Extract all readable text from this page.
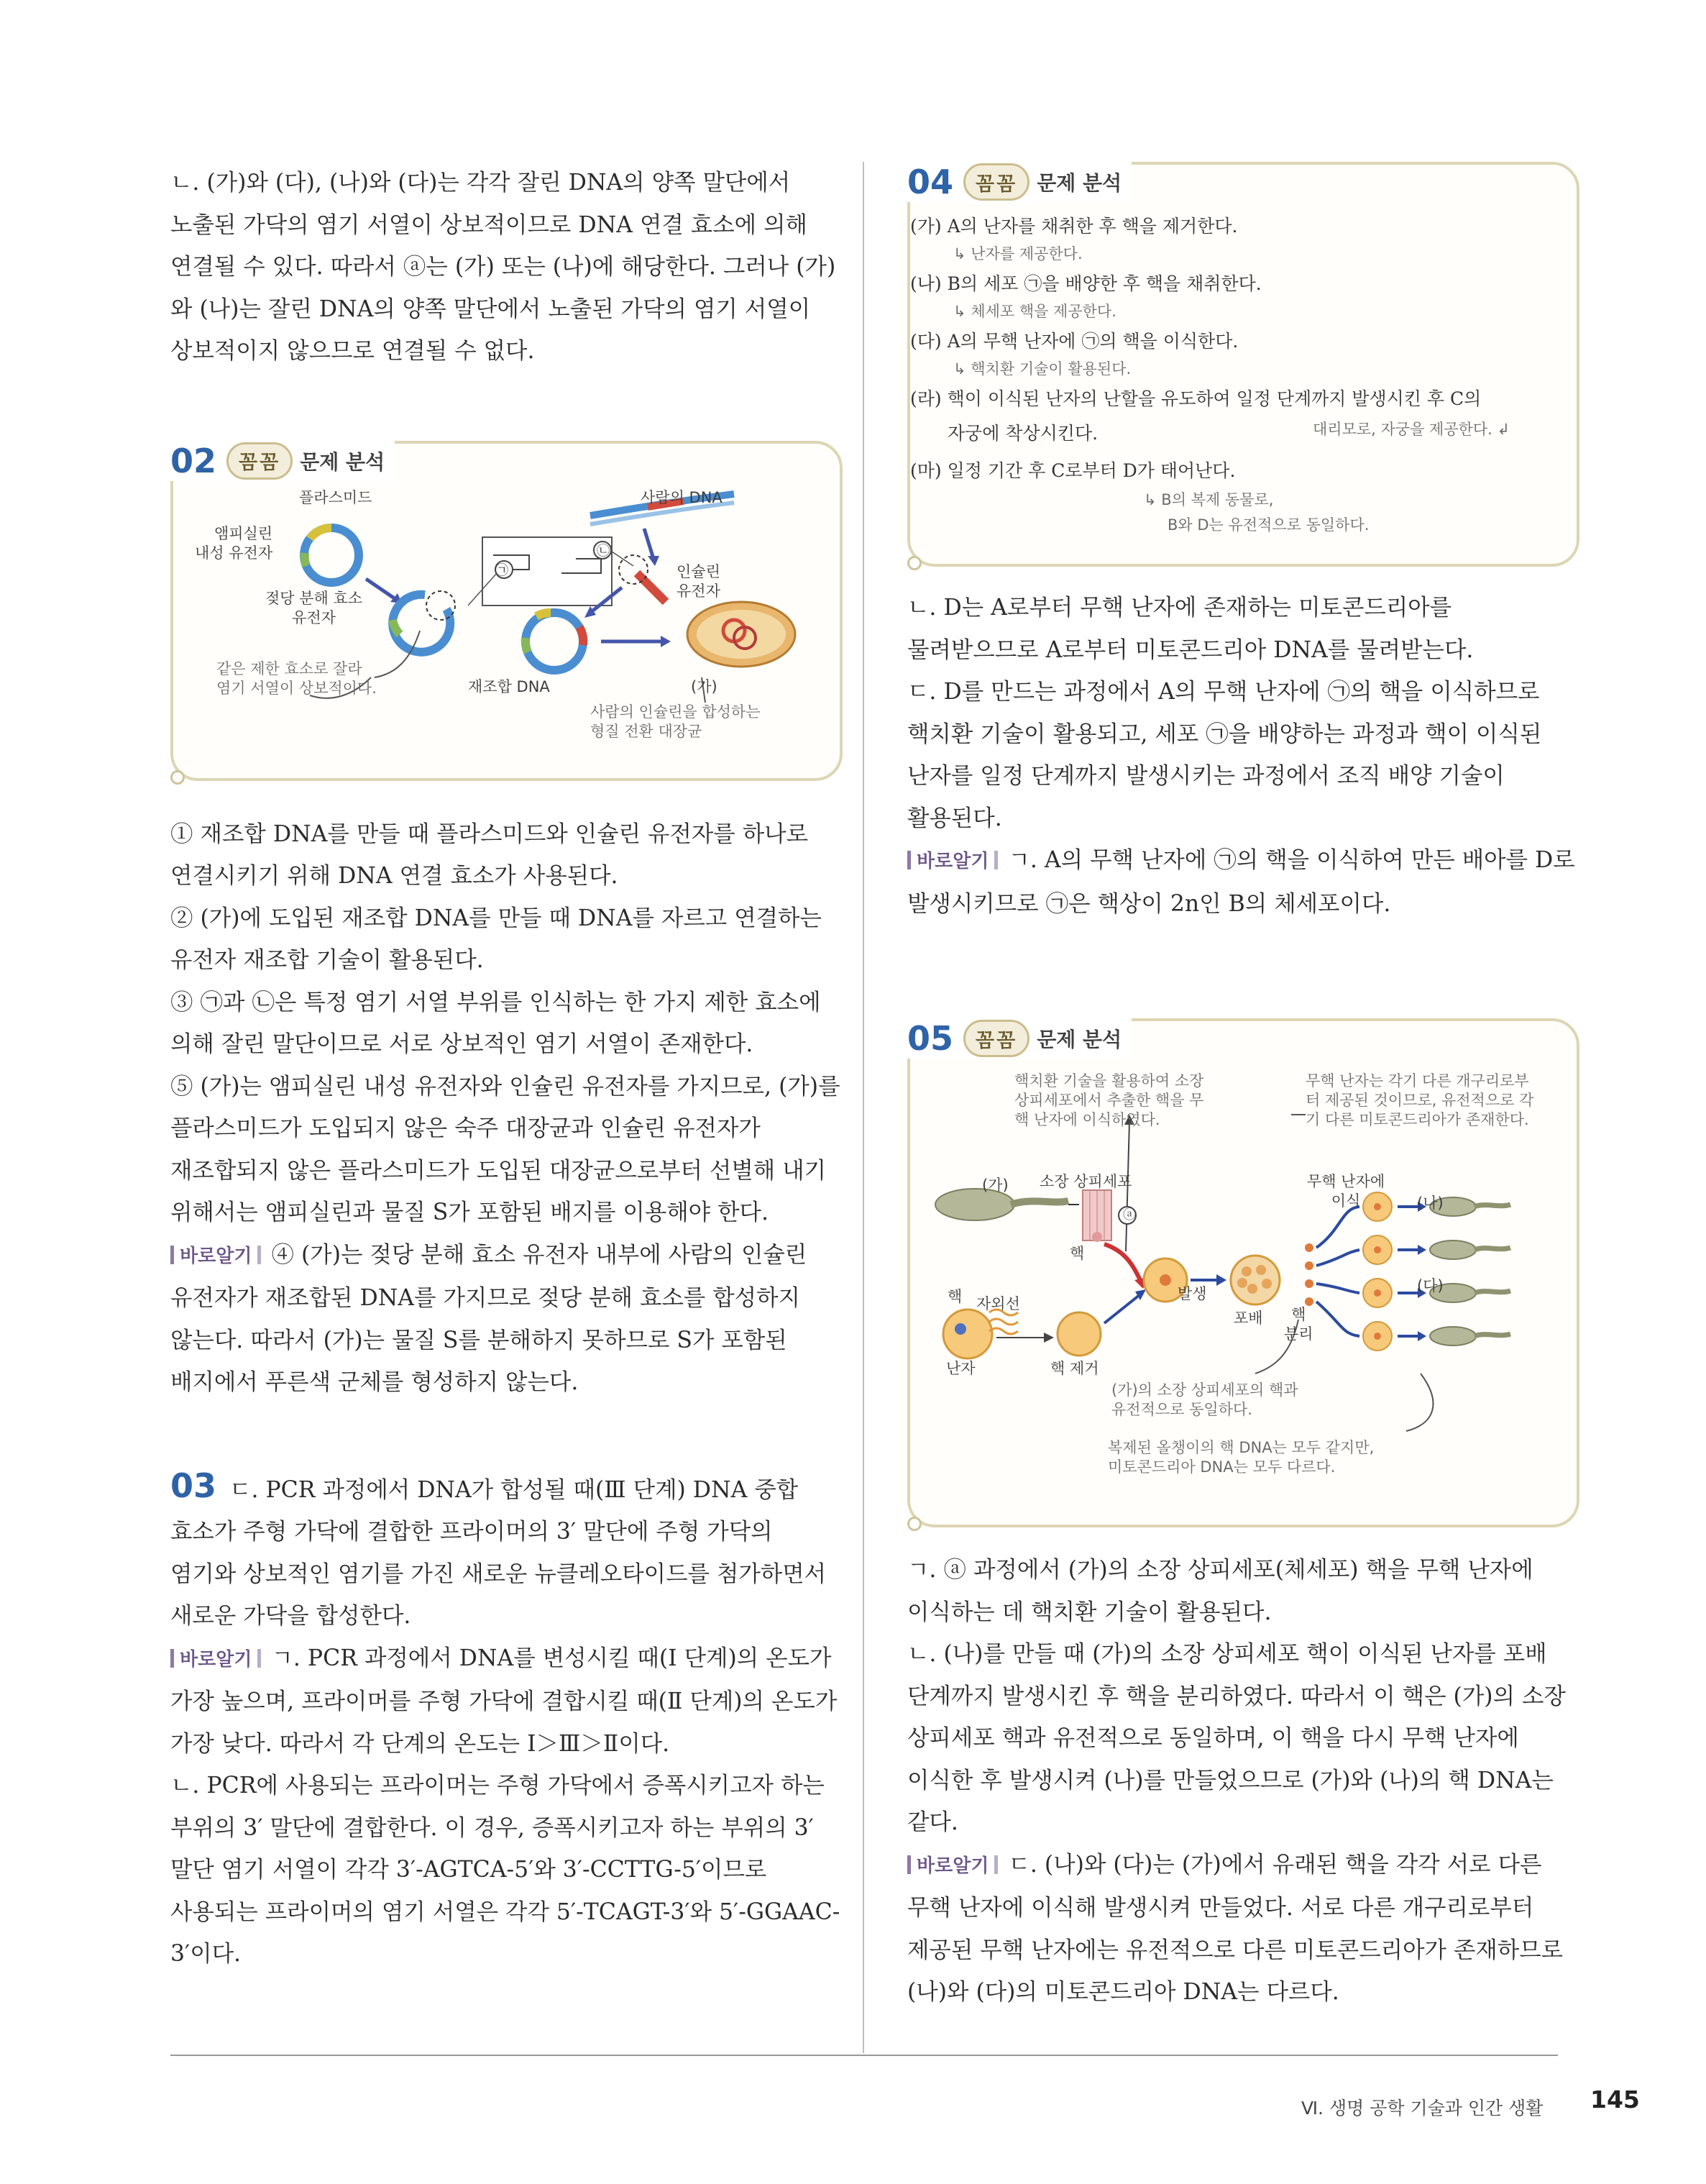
ㄴ. (가)와 (다), (나)와 (다)는 각각 잘린 DNA의 양쪽 말단에서 노출된 가닥의 염기 서열이 상보적이므로 DNA 연결 효소에 의해 연결될 수 있다. 따라서 ⓐ는 (가) 또는 (나)에 해당한다. 그러나 (가)와 (나)는 잘린 DNA의 양쪽 말단에서 노출된 가닥의 염기 서열이 상보적이지 않으므로 연결될 수 없다.

02	꼼꼼 문제 분석
플라스미드
앰피실린
내성 유전자
젖당 분해 효소
유전자
사람의 DNA
인슐린
유전자
재조합 DNA	(가)
같은 제한 효소로 잘라
염기 서열이 상보적이다.
사람의 인슐린을 합성하는
형질 전환 대장균
㉠
㉡

① 재조합 DNA를 만들 때 플라스미드와 인슐린 유전자를 하나로 연결시키기 위해 DNA 연결 효소가 사용된다.

② (가)에 도입된 재조합 DNA를 만들 때 DNA를 자르고 연결하는 유전자 재조합 기술이 활용된다.

③ ㉠과 ㉡은 특정 염기 서열 부위를 인식하는 한 가지 제한 효소에 의해 잘린 말단이므로 서로 상보적인 염기 서열이 존재한다.

⑤ (가)는 앰피실린 내성 유전자와 인슐린 유전자를 가지므로, (가)를 플라스미드가 도입되지 않은 숙주 대장균과 인슐린 유전자가 재조합되지 않은 플라스미드가 도입된 대장균으로부터 선별해 내기 위해서는 앰피실린과 물질 S가 포함된 배지를 이용해야 한다.

바로알기 ④ (가)는 젖당 분해 효소 유전자 내부에 사람의 인슐린 유전자가 재조합된 DNA를 가지므로 젖당 분해 효소를 합성하지 않는다. 따라서 (가)는 물질 S를 분해하지 못하므로 S가 포함된 배지에서 푸른색 군체를 형성하지 않는다.

03 ㄷ. PCR 과정에서 DNA가 합성될 때(Ⅲ 단계) DNA 중합 효소가 주형 가닥에 결합한 프라이머의 3′ 말단에 주형 가닥의 염기와 상보적인 염기를 가진 새로운 뉴클레오타이드를 첨가하면서 새로운 가닥을 합성한다.

바로알기 ㄱ. PCR 과정에서 DNA를 변성시킬 때(Ⅰ 단계)의 온도가 가장 높으며, 프라이머를 주형 가닥에 결합시킬 때(Ⅱ 단계)의 온도가 가장 낮다. 따라서 각 단계의 온도는 Ⅰ＞Ⅲ＞Ⅱ이다.

ㄴ. PCR에 사용되는 프라이머는 주형 가닥에서 증폭시키고자 하는 부위의 3′ 말단에 결합한다. 이 경우, 증폭시키고자 하는 부위의 3′ 말단 염기 서열이 각각 3′-AGTCA-5′와 3′-CCTTG-5′이므로 사용되는 프라이머의 염기 서열은 각각 5′-TCAGT-3′와 5′-GGAAC-3′이다.

04	꼼꼼 문제 분석
(가) A의 난자를 채취한 후 핵을 제거한다.
↳ 난자를 제공한다.
(나) B의 세포 ㉠을 배양한 후 핵을 채취한다.
↳ 체세포 핵을 제공한다.
(다) A의 무핵 난자에 ㉠의 핵을 이식한다.
↳ 핵치환 기술이 활용된다.
(라) 핵이 이식된 난자의 난할을 유도하여 일정 단계까지 발생시킨 후 C의
자궁에 착상시킨다.	대리모로, 자궁을 제공한다. ↲
(마) 일정 기간 후 C로부터 D가 태어난다.
↳ B의 복제 동물로,
B와 D는 유전적으로 동일하다.

ㄴ. D는 A로부터 무핵 난자에 존재하는 미토콘드리아를 물려받으므로 A로부터 미토콘드리아 DNA를 물려받는다.

ㄷ. D를 만드는 과정에서 A의 무핵 난자에 ㉠의 핵을 이식하므로 핵치환 기술이 활용되고, 세포 ㉠을 배양하는 과정과 핵이 이식된 난자를 일정 단계까지 발생시키는 과정에서 조직 배양 기술이 활용된다.

바로알기 ㄱ. A의 무핵 난자에 ㉠의 핵을 이식하여 만든 배아를 D로 발생시키므로 ㉠은 핵상이 2n인 B의 체세포이다.

05	꼼꼼 문제 분석
핵치환 기술을 활용하여 소장
상피세포에서 추출한 핵을 무
핵 난자에 이식하였다.
무핵 난자는 각기 다른 개구리로부
터 제공된 것이므로, 유전적으로 각
기 다른 미토콘드리아가 존재한다.
(가) 소장 상피세포
ⓐ
핵
핵 자외선
난자	핵 제거
발생
포배	핵
분리
무핵 난자에
이식	(나)
(다)
(가)의 소장 상피세포의 핵과
유전적으로 동일하다.
복제된 올챙이의 핵 DNA는 모두 같지만,
미토콘드리아 DNA는 모두 다르다.

ㄱ. ⓐ 과정에서 (가)의 소장 상피세포(체세포) 핵을 무핵 난자에 이식하는 데 핵치환 기술이 활용된다.

ㄴ. (나)를 만들 때 (가)의 소장 상피세포 핵이 이식된 난자를 포배 단계까지 발생시킨 후 핵을 분리하였다. 따라서 이 핵은 (가)의 소장 상피세포 핵과 유전적으로 동일하며, 이 핵을 다시 무핵 난자에 이식한 후 발생시켜 (나)를 만들었으므로 (가)와 (나)의 핵 DNA는 같다.

바로알기 ㄷ. (나)와 (다)는 (가)에서 유래된 핵을 각각 서로 다른 무핵 난자에 이식해 발생시켜 만들었다. 서로 다른 개구리로부터 제공된 무핵 난자에는 유전적으로 다른 미토콘드리아가 존재하므로 (나)와 (다)의 미토콘드리아 DNA는 다르다.

Ⅵ. 생명 공학 기술과 인간 생활 145
